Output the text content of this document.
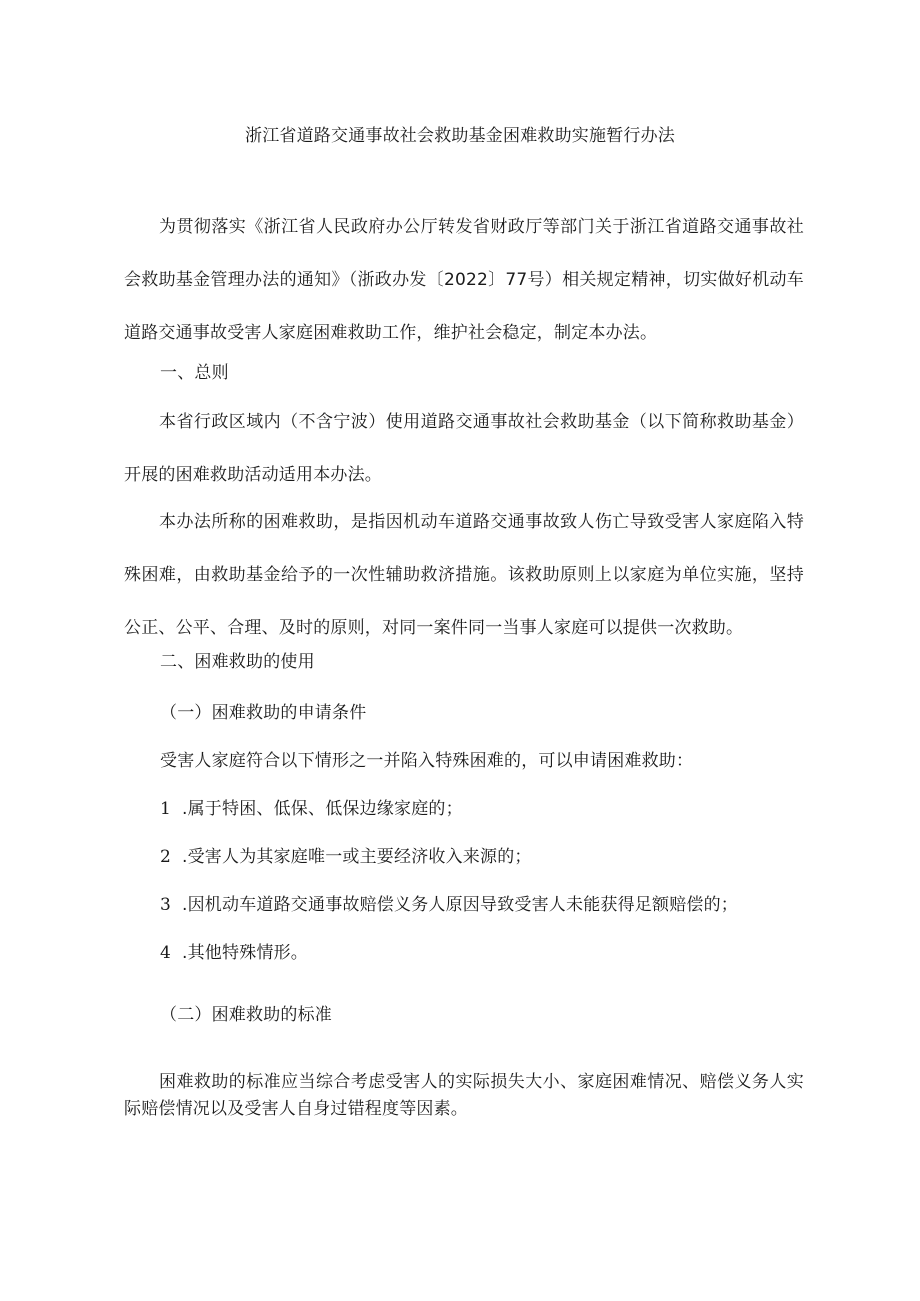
浙江省道路交通事故社会救助基金困难救助实施暂行办法
为贯彻落实《浙江省人民政府办公厅转发省财政厅等部门关于浙江省道路交通事故社会救助基金管理办法的通知》（浙政办发〔2022〕77号）相关规定精神，切实做好机动车道路交通事故受害人家庭困难救助工作，维护社会稳定，制定本办法。
一、总则
本省行政区域内（不含宁波）使用道路交通事故社会救助基金（以下简称救助基金）开展的困难救助活动适用本办法。
本办法所称的困难救助，是指因机动车道路交通事故致人伤亡导致受害人家庭陷入特殊困难，由救助基金给予的一次性辅助救济措施。该救助原则上以家庭为单位实施，坚持公正、公平、合理、及时的原则，对同一案件同一当事人家庭可以提供一次救助。
二、困难救助的使用
（一）困难救助的申请条件
受害人家庭符合以下情形之一并陷入特殊困难的，可以申请困难救助：
1 .属于特困、低保、低保边缘家庭的；
2 .受害人为其家庭唯一或主要经济收入来源的；
3 .因机动车道路交通事故赔偿义务人原因导致受害人未能获得足额赔偿的；
4 .其他特殊情形。
（二）困难救助的标准
困难救助的标准应当综合考虑受害人的实际损失大小、家庭困难情况、赔偿义务人实际赔偿情况以及受害人自身过错程度等因素。
